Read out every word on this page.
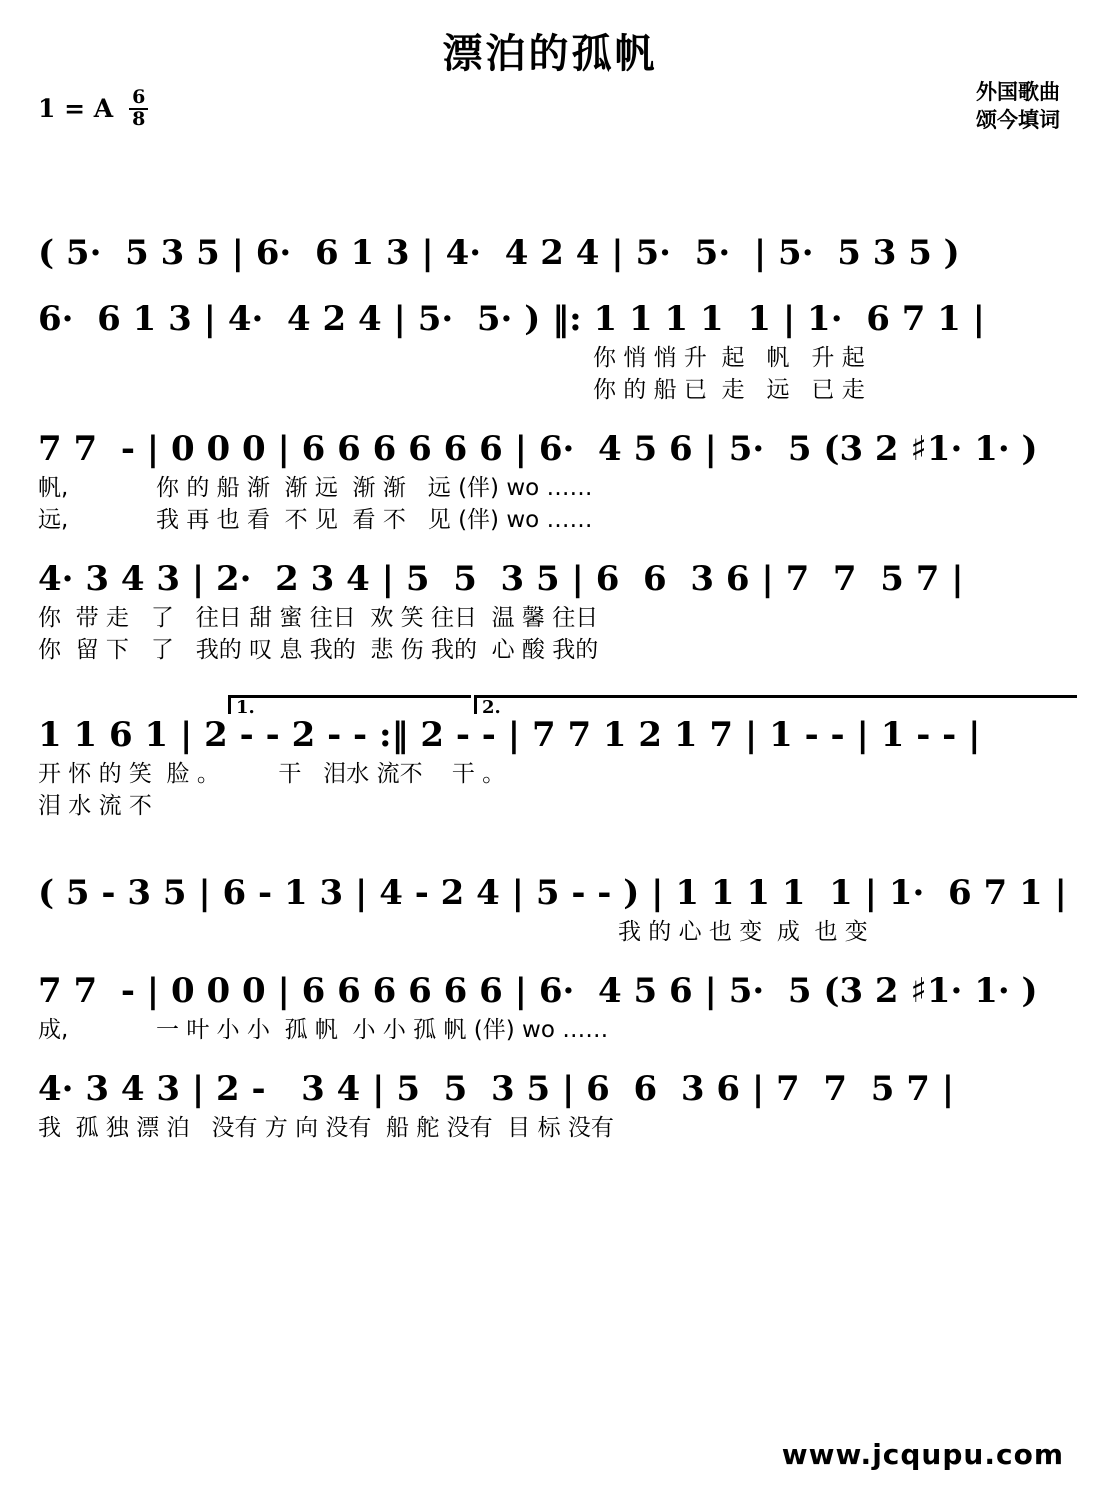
漂泊的孤帆
外国歌曲
颂今填词
1 = A $\frac{6}{8}$
( 5·  5 3 5 | 6·  6 1 3 | 4·  4 2 4 | 5·  5·  | 5·  5 3 5 )
6·  6 1 3 | 4·  4 2 4 | 5·  5· ) ‖: 1 1 1 1  1 | 1·  6 7 1 |
你 悄 悄 升  起   帆   升 起
你 的 船 已  走   远   已 走
7 7  - | 0 0 0 | 6 6 6 6 6 6 | 6·  4 5 6 | 5·  5 (3 2 ♯1· 1· )
帆,            你 的 船 渐  渐 远  渐 渐   远 (伴) wo ……
远,            我 再 也 看  不 见  看 不   见 (伴) wo ……
4· 3 4 3 | 2·  2 3 4 | 5  5  3 5 | 6  6  3 6 | 7  7  5 7 |
你  带 走   了   往日 甜 蜜 往日  欢 笑 往日  温 馨 往日
你  留 下   了   我的 叹 息 我的  悲 伤 我的  心 酸 我的
1.	2.
1 1 6 1 | 2 - - 2 - - :‖ 2 - - | 7 7 1 2 1 7 | 1 - - | 1 - - |
开 怀 的 笑  脸 。        干   泪水 流不    干 。
泪 水 流 不
( 5 - 3 5 | 6 - 1 3 | 4 - 2 4 | 5 - - ) | 1 1 1 1  1 | 1·  6 7 1 |
我 的 心 也 变  成  也 变
7 7  - | 0 0 0 | 6 6 6 6 6 6 | 6·  4 5 6 | 5·  5 (3 2 ♯1· 1· )
成,            一 叶 小 小  孤 帆  小 小 孤 帆 (伴) wo ……
4· 3 4 3 | 2 -   3 4 | 5  5  3 5 | 6  6  3 6 | 7  7  5 7 |
我  孤 独 漂 泊   没有 方 向 没有  船 舵 没有  目 标 没有
www.jcqupu.com
